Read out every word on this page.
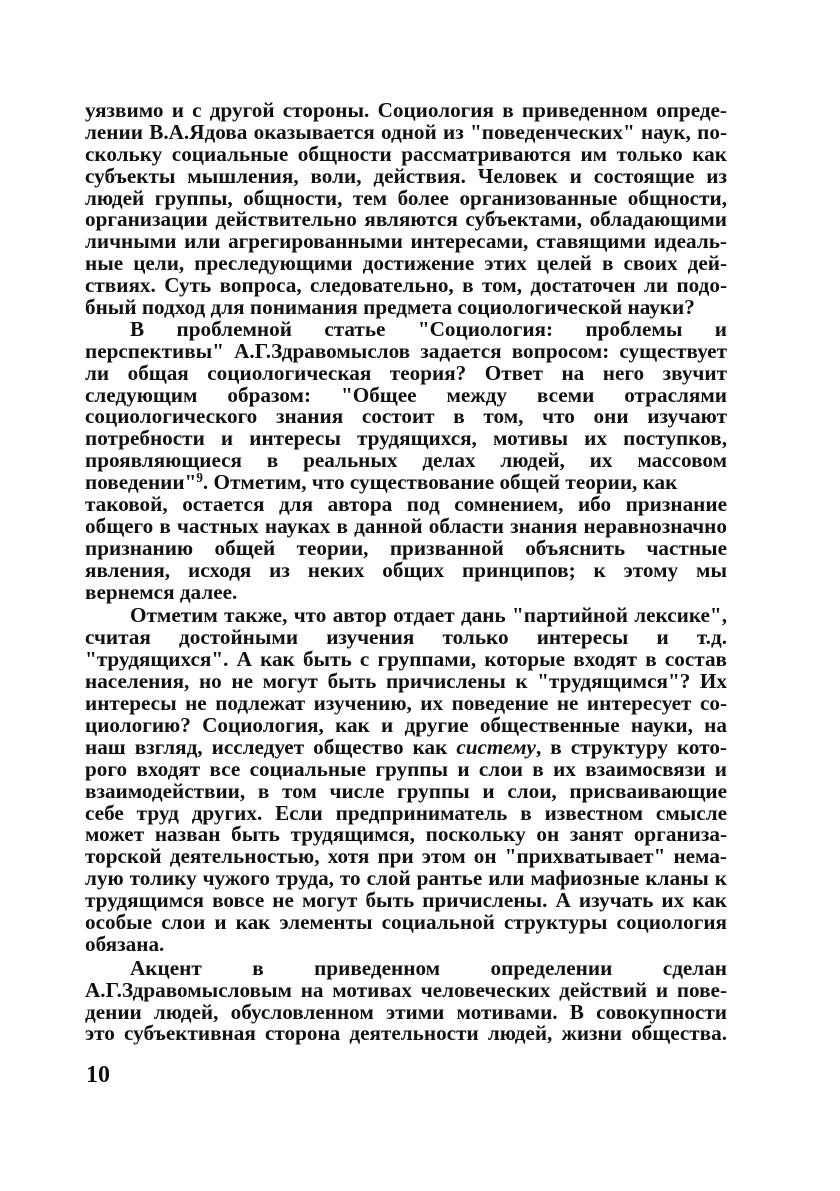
уязвимо и с другой стороны. Социология в приведенном опреде-
лении В.А.Ядова оказывается одной из "поведенческих" наук, по-
скольку социальные общности рассматриваются им только как
субъекты мышления, воли, действия. Человек и состоящие из
людей группы, общности, тем более организованные общности,
организации действительно являются субъектами, обладающими
личными или агрегированными интересами, ставящими идеаль-
ные цели, преследующими достижение этих целей в своих дей-
ствиях. Суть вопроса, следовательно, в том, достаточен ли подо-
бный подход для понимания предмета социологической науки?
В проблемной статье "Социология: проблемы и
перспективы" А.Г.Здравомыслов задается вопросом: существует
ли общая социологическая теория? Ответ на него звучит
следующим образом: "Общее между всеми отраслями
социологического знания состоит в том, что они изучают
потребности и интересы трудящихся, мотивы их поступков,
проявляющиеся в реальных делах людей, их массовом
поведении"$^9$. Отметим, что существование общей теории, как
таковой, остается для автора под сомнением, ибо признание
общего в частных науках в данной области знания неравнозначно
признанию общей теории, призванной объяснить частные
явления, исходя из неких общих принципов; к этому мы
вернемся далее.
Отметим также, что автор отдает дань "партийной лексике",
считая достойными изучения только интересы и т.д.
"трудящихся". А как быть с группами, которые входят в состав
населения, но не могут быть причислены к "трудящимся"? Их
интересы не подлежат изучению, их поведение не интересует со-
циологию? Социология, как и другие общественные науки, на
наш взгляд, исследует общество как систему, в структуру кото-
рого входят все социальные группы и слои в их взаимосвязи и
взаимодействии, в том числе группы и слои, присваивающие
себе труд других. Если предприниматель в известном смысле
может назван быть трудящимся, поскольку он занят организа-
торской деятельностью, хотя при этом он "прихватывает" нема-
лую толику чужого труда, то слой рантье или мафиозные кланы к
трудящимся вовсе не могут быть причислены. А изучать их как
особые слои и как элементы социальной структуры социология
обязана.
Акцент в приведенном определении сделан
А.Г.Здравомысловым на мотивах человеческих действий и пове-
дении людей, обусловленном этими мотивами. В совокупности
это субъективная сторона деятельности людей, жизни общества.
10
